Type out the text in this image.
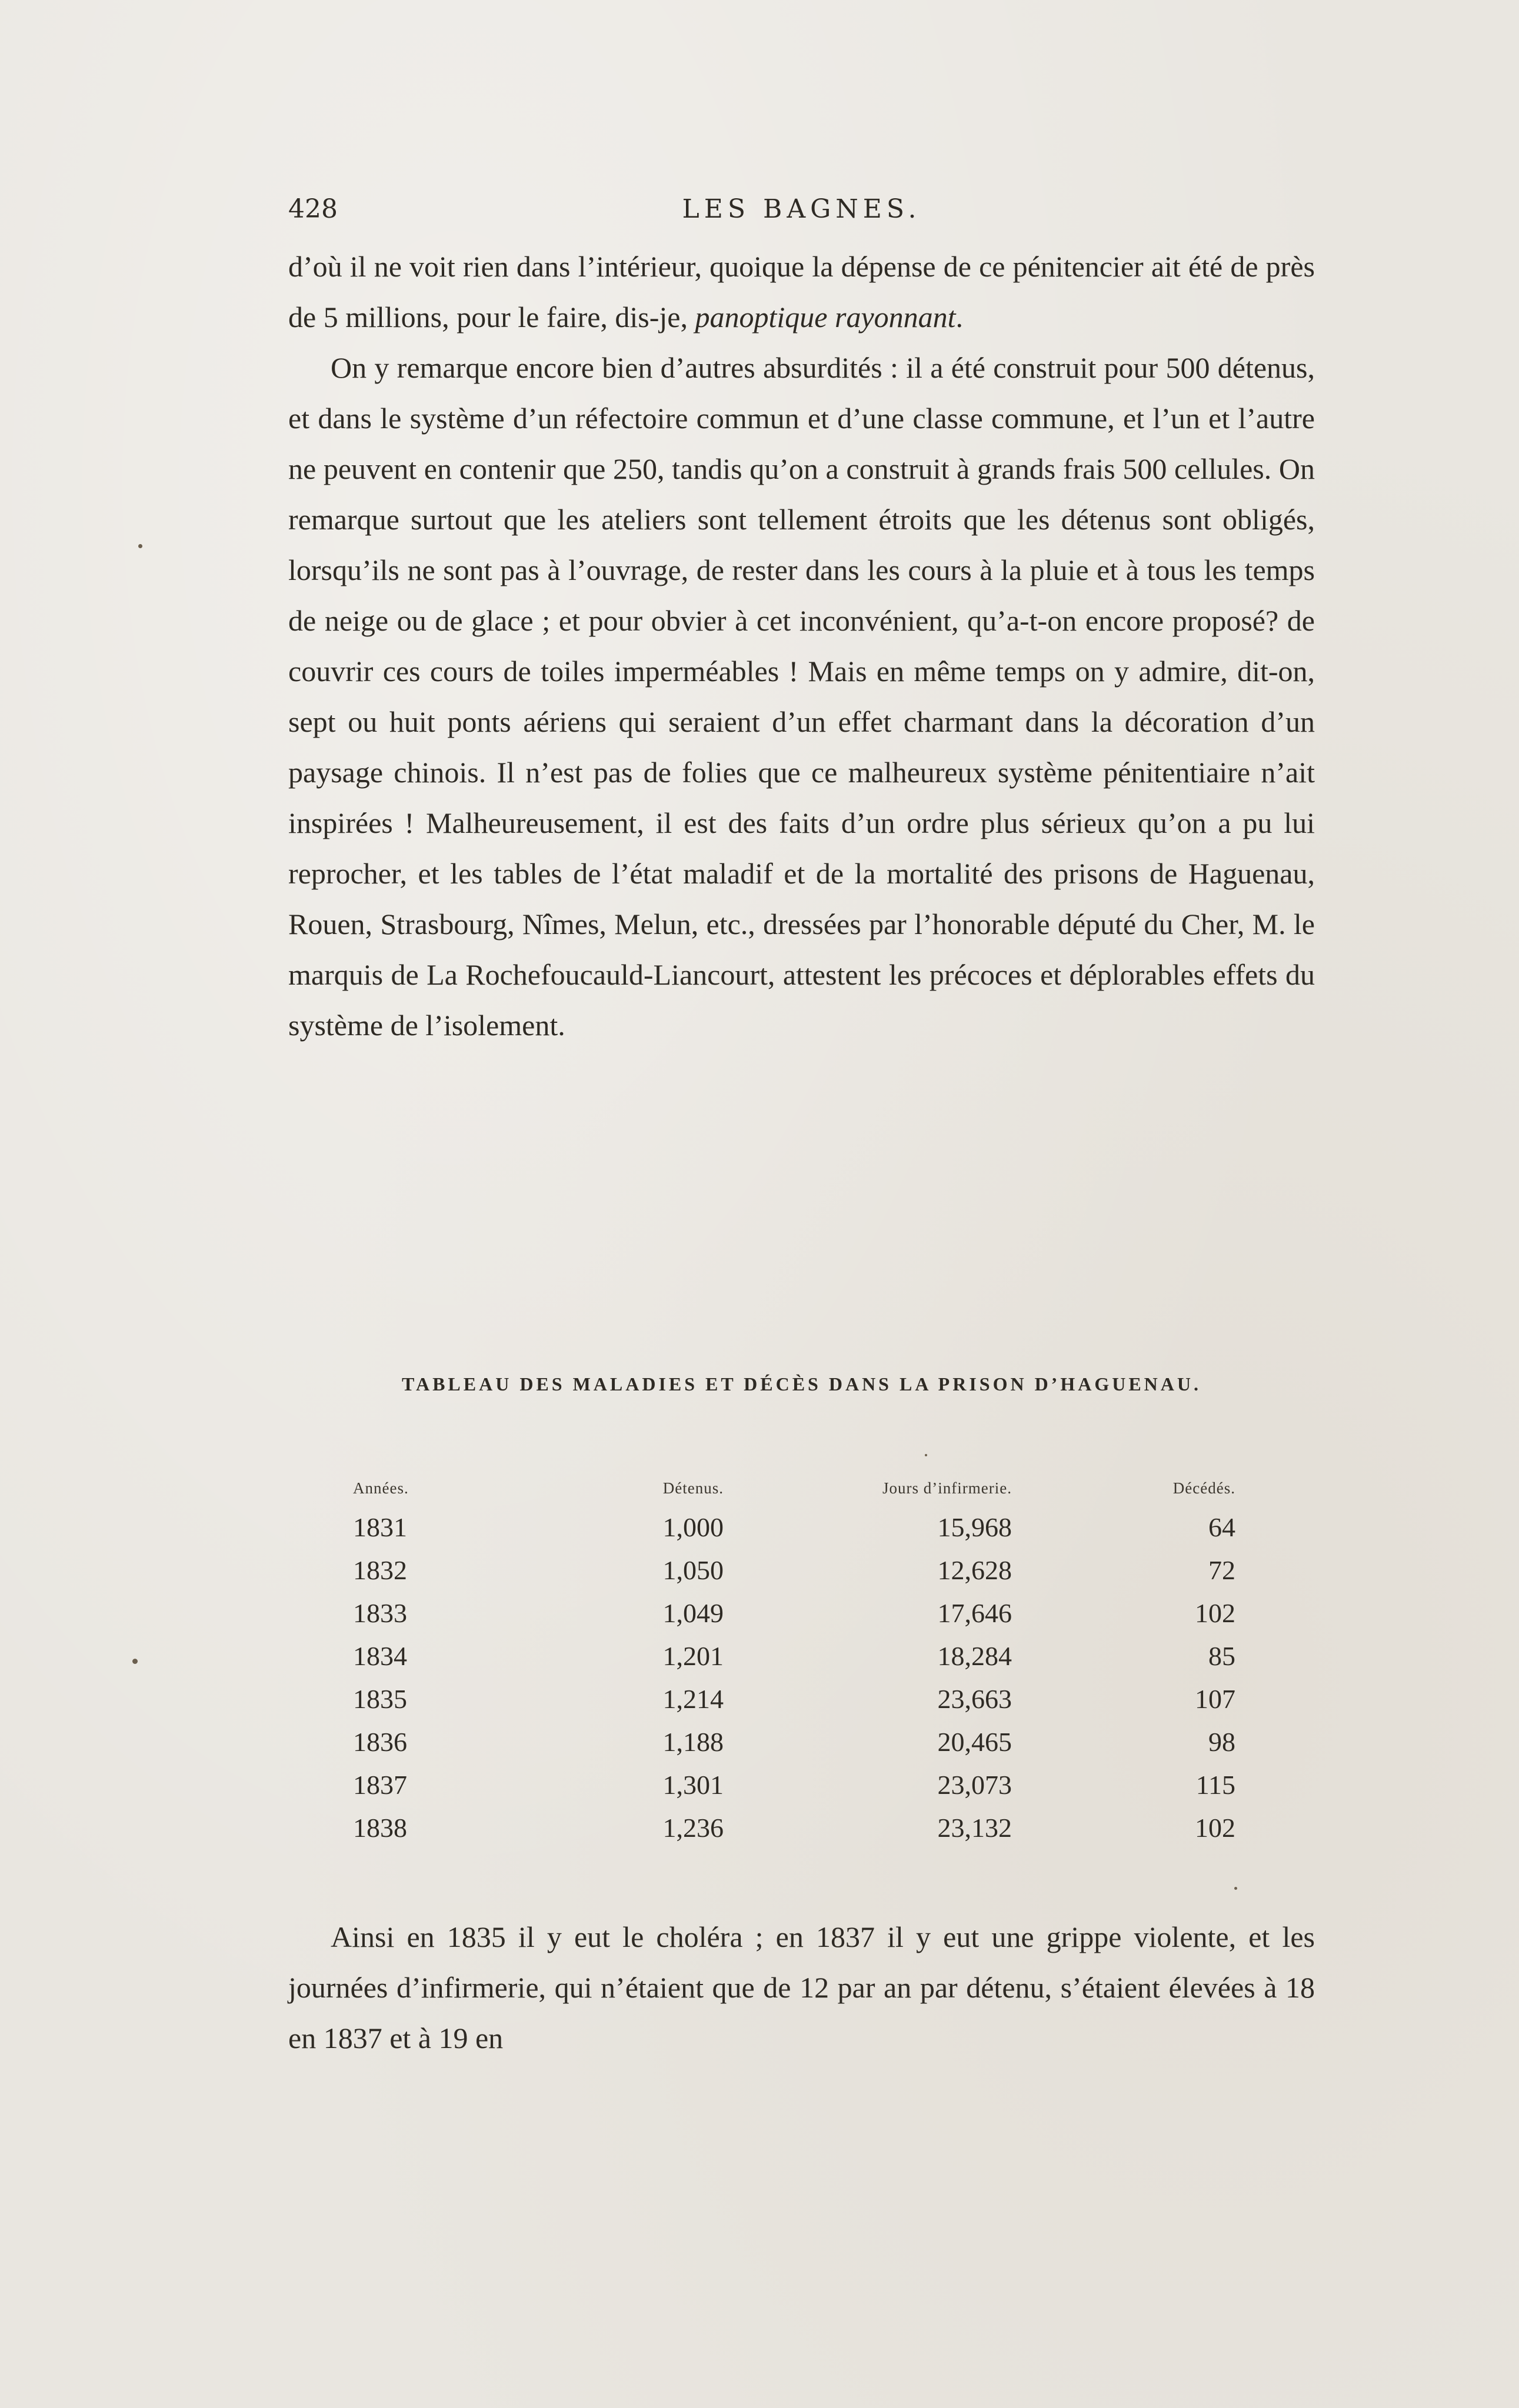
428	LES BAGNES.

d’où il ne voit rien dans l’intérieur, quoique la dépense de ce pénitencier ait été de près de 5 millions, pour le faire, dis-je, panoptique rayonnant.

On y remarque encore bien d’autres absurdités : il a été construit pour 500 détenus, et dans le système d’un réfectoire commun et d’une classe commune, et l’un et l’autre ne peuvent en contenir que 250, tandis qu’on a construit à grands frais 500 cellules. On remarque surtout que les ateliers sont tellement étroits que les détenus sont obligés, lorsqu’ils ne sont pas à l’ouvrage, de rester dans les cours à la pluie et à tous les temps de neige ou de glace ; et pour obvier à cet inconvénient, qu’a-t-on encore proposé? de couvrir ces cours de toiles imperméables ! Mais en même temps on y admire, dit-on, sept ou huit ponts aériens qui seraient d’un effet charmant dans la décoration d’un paysage chinois. Il n’est pas de folies que ce malheureux système pénitentiaire n’ait inspirées ! Malheureusement, il est des faits d’un ordre plus sérieux qu’on a pu lui reprocher, et les tables de l’état maladif et de la mortalité des prisons de Haguenau, Rouen, Strasbourg, Nîmes, Melun, etc., dressées par l’honorable député du Cher, M. le marquis de La Rochefoucauld-Liancourt, attestent les précoces et déplorables effets du système de l’isolement.

TABLEAU DES MALADIES ET DÉCÈS DANS LA PRISON D’HAGUENAU.
Années.	Détenus.	Jours d’infirmerie.	Décédés.
1831	1,000	15,968	64
1832	1,050	12,628	72
1833	1,049	17,646	102
1834	1,201	18,284	85
1835	1,214	23,663	107
1836	1,188	20,465	98
1837	1,301	23,073	115
1838	1,236	23,132	102

Ainsi en 1835 il y eut le choléra ; en 1837 il y eut une grippe violente, et les journées d’infirmerie, qui n’étaient que de 12 par an par détenu, s’étaient élevées à 18 en 1837 et à 19 en
